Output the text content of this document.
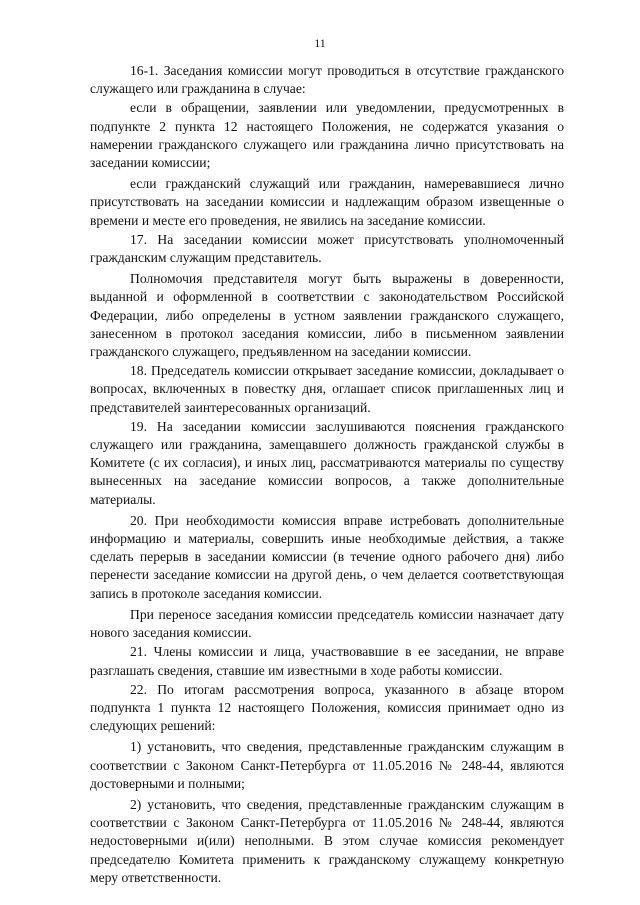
11

16-1. Заседания комиссии могут проводиться в отсутствие гражданского служащего или гражданина в случае:

если в обращении, заявлении или уведомлении, предусмотренных в подпункте 2 пункта 12 настоящего Положения, не содержатся указания о намерении гражданского служащего или гражданина лично присутствовать на заседании комиссии;

если гражданский служащий или гражданин, намеревавшиеся лично присутствовать на заседании комиссии и надлежащим образом извещенные о времени и месте его проведения, не явились на заседание комиссии.

17. На заседании комиссии может присутствовать уполномоченный гражданским служащим представитель.

Полномочия представителя могут быть выражены в доверенности, выданной и оформленной в соответствии с законодательством Российской Федерации, либо определены в устном заявлении гражданского служащего, занесенном в протокол заседания комиссии, либо в письменном заявлении гражданского служащего, предъявленном на заседании комиссии.

18. Председатель комиссии открывает заседание комиссии, докладывает о вопросах, включенных в повестку дня, оглашает список приглашенных лиц и представителей заинтересованных организаций.

19. На заседании комиссии заслушиваются пояснения гражданского служащего или гражданина, замещавшего должность гражданской службы в Комитете (с их согласия), и иных лиц, рассматриваются материалы по существу вынесенных на заседание комиссии вопросов, а также дополнительные материалы.

20. При необходимости комиссия вправе истребовать дополнительные информацию и материалы, совершить иные необходимые действия, а также сделать перерыв в заседании комиссии (в течение одного рабочего дня) либо перенести заседание комиссии на другой день, о чем делается соответствующая запись в протоколе заседания комиссии.

При переносе заседания комиссии председатель комиссии назначает дату нового заседания комиссии.

21. Члены комиссии и лица, участвовавшие в ее заседании, не вправе разглашать сведения, ставшие им известными в ходе работы комиссии.

22. По итогам рассмотрения вопроса, указанного в абзаце втором подпункта 1 пункта 12 настоящего Положения, комиссия принимает одно из следующих решений:

1) установить, что сведения, представленные гражданским служащим в соответствии с Законом Санкт-Петербурга от 11.05.2016 № 248-44, являются достоверными и полными;

2) установить, что сведения, представленные гражданским служащим в соответствии с Законом Санкт-Петербурга от 11.05.2016 № 248-44, являются недостоверными и(или) неполными. В этом случае комиссия рекомендует председателю Комитета применить к гражданскому служащему конкретную меру ответственности.
